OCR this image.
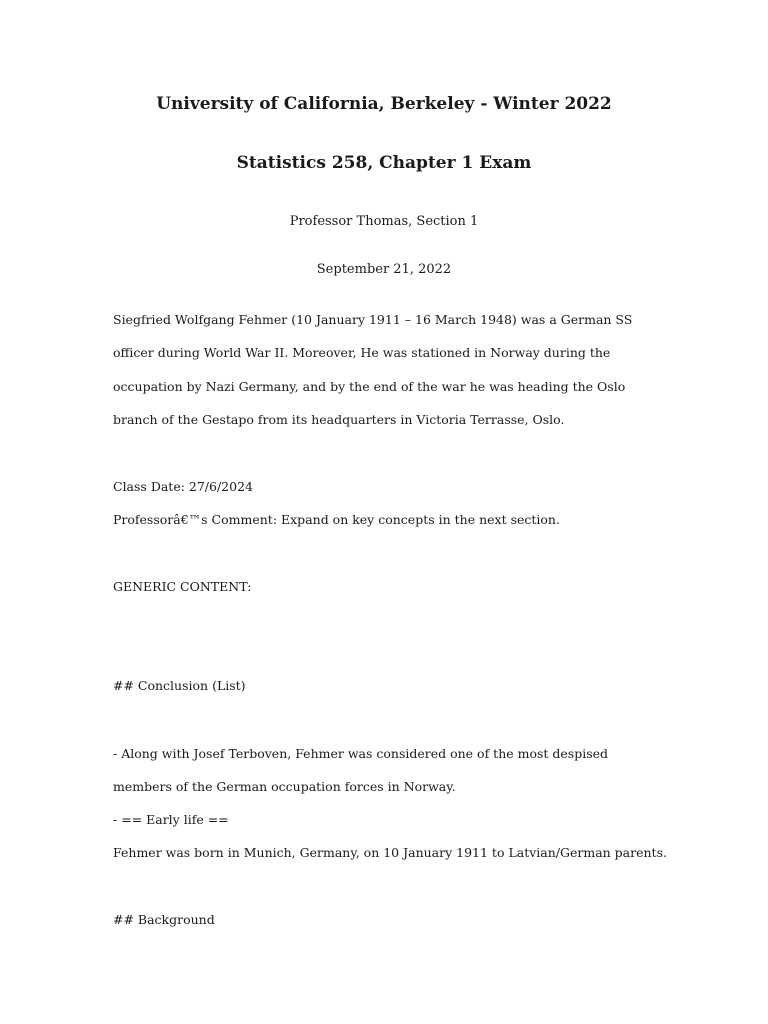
University of California, Berkeley - Winter 2022
Statistics 258, Chapter 1 Exam
Professor Thomas, Section 1
September 21, 2022

Siegfried Wolfgang Fehmer (10 January 1911 – 16 March 1948) was a German SS officer during World War II. Moreover, He was stationed in Norway during the occupation by Nazi Germany, and by the end of the war he was heading the Oslo branch of the Gestapo from its headquarters in Victoria Terrasse, Oslo.

Class Date: 27/6/2024
Professorâ€™s Comment: Expand on key concepts in the next section.
GENERIC CONTENT:
## Conclusion (List)

- Along with Josef Terboven, Fehmer was considered one of the most despised members of the German occupation forces in Norway.

- == Early life ==
Fehmer was born in Munich, Germany, on 10 January 1911 to Latvian/German parents.
## Background
